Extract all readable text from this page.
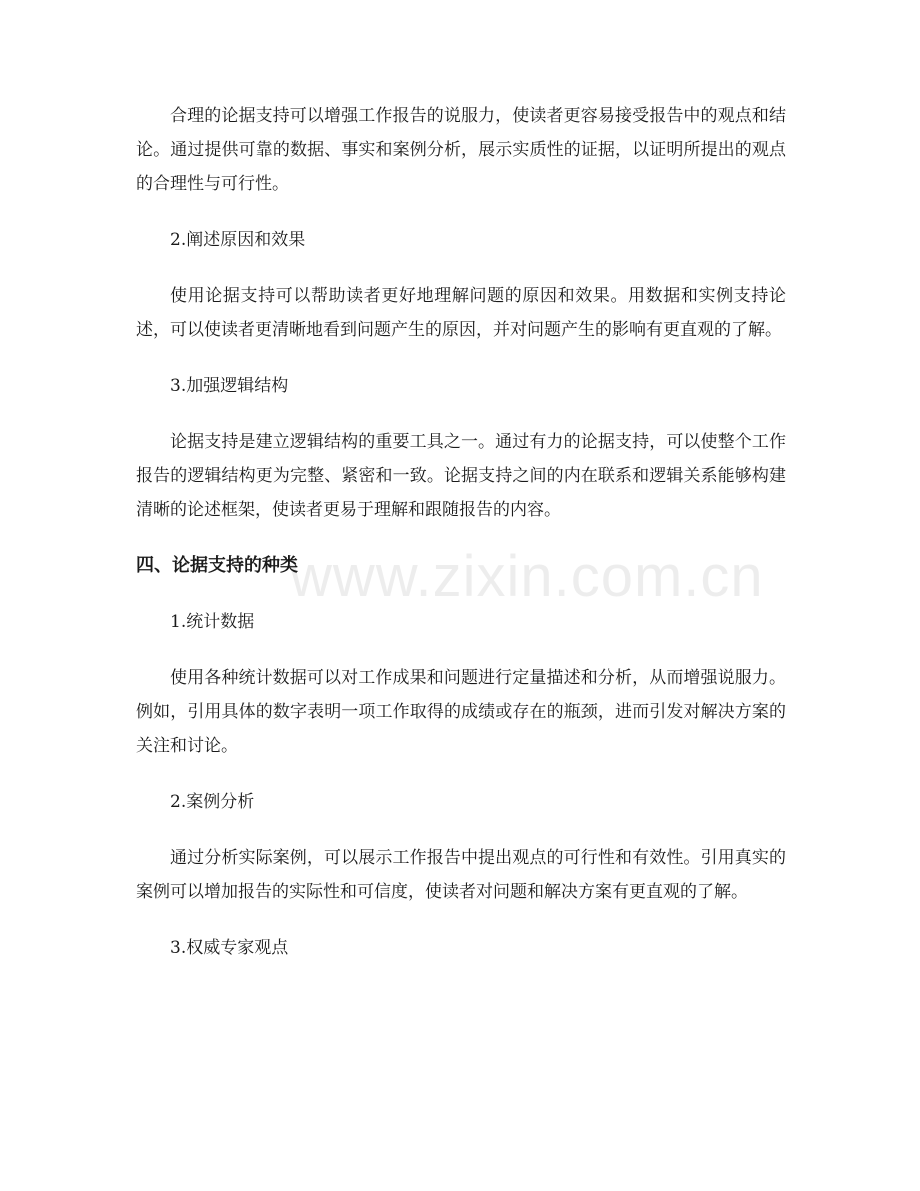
www.zixin.com.cn

合理的论据支持可以增强工作报告的说服力，使读者更容易接受报告中的观点和结论。通过提供可靠的数据、事实和案例分析，展示实质性的证据，以证明所提出的观点的合理性与可行性。

2.阐述原因和效果

使用论据支持可以帮助读者更好地理解问题的原因和效果。用数据和实例支持论述，可以使读者更清晰地看到问题产生的原因，并对问题产生的影响有更直观的了解。

3.加强逻辑结构

论据支持是建立逻辑结构的重要工具之一。通过有力的论据支持，可以使整个工作报告的逻辑结构更为完整、紧密和一致。论据支持之间的内在联系和逻辑关系能够构建清晰的论述框架，使读者更易于理解和跟随报告的内容。

四、论据支持的种类

1.统计数据

使用各种统计数据可以对工作成果和问题进行定量描述和分析，从而增强说服力。例如，引用具体的数字表明一项工作取得的成绩或存在的瓶颈，进而引发对解决方案的关注和讨论。

2.案例分析

通过分析实际案例，可以展示工作报告中提出观点的可行性和有效性。引用真实的案例可以增加报告的实际性和可信度，使读者对问题和解决方案有更直观的了解。

3.权威专家观点
